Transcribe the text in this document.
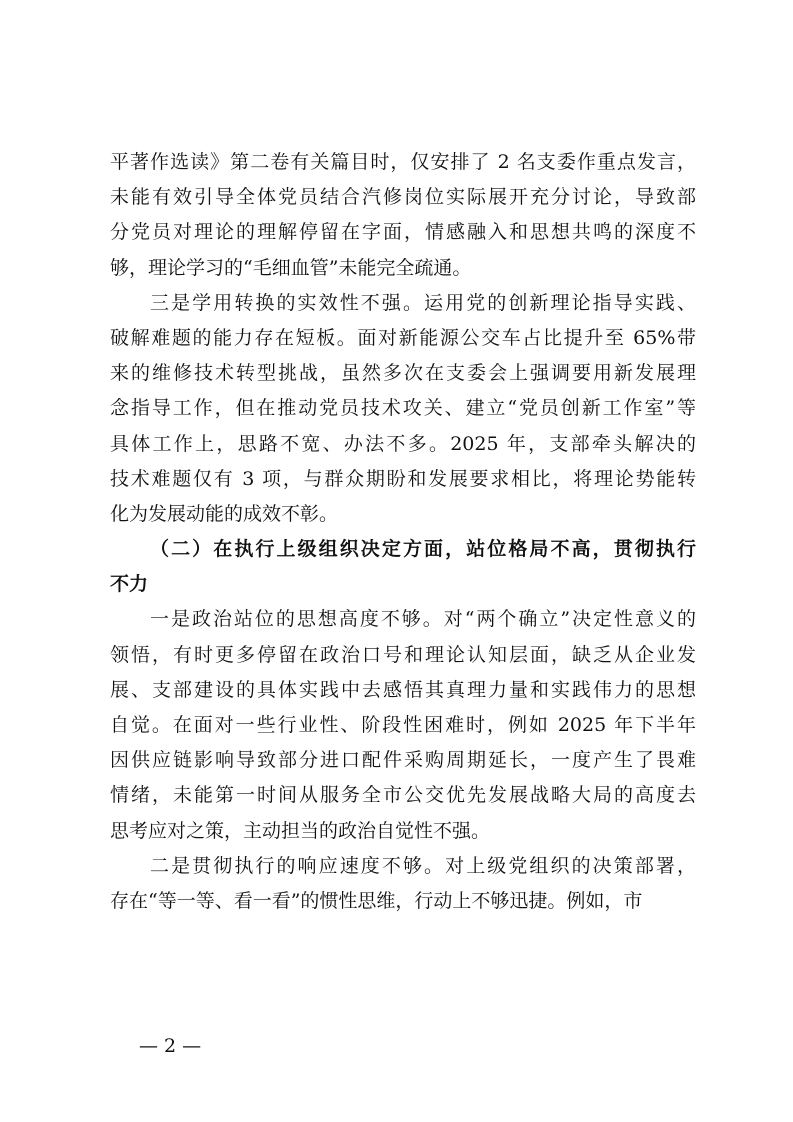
平著作选读》第二卷有关篇目时，仅安排了 2 名支委作重点发言，
未能有效引导全体党员结合汽修岗位实际展开充分讨论，导致部
分党员对理论的理解停留在字面，情感融入和思想共鸣的深度不
够，理论学习的“毛细血管”未能完全疏通。
三是学用转换的实效性不强。运用党的创新理论指导实践、
破解难题的能力存在短板。面对新能源公交车占比提升至 65%带
来的维修技术转型挑战，虽然多次在支委会上强调要用新发展理
念指导工作，但在推动党员技术攻关、建立“党员创新工作室”等
具体工作上，思路不宽、办法不多。2025 年，支部牵头解决的
技术难题仅有 3 项，与群众期盼和发展要求相比，将理论势能转
化为发展动能的成效不彰。
（二）在执行上级组织决定方面，站位格局不高，贯彻执行
不力
一是政治站位的思想高度不够。对“两个确立”决定性意义的
领悟，有时更多停留在政治口号和理论认知层面，缺乏从企业发
展、支部建设的具体实践中去感悟其真理力量和实践伟力的思想
自觉。在面对一些行业性、阶段性困难时，例如 2025 年下半年
因供应链影响导致部分进口配件采购周期延长，一度产生了畏难
情绪，未能第一时间从服务全市公交优先发展战略大局的高度去
思考应对之策，主动担当的政治自觉性不强。
二是贯彻执行的响应速度不够。对上级党组织的决策部署，
存在“等一等、看一看”的惯性思维，行动上不够迅捷。例如，市
— 2 —
